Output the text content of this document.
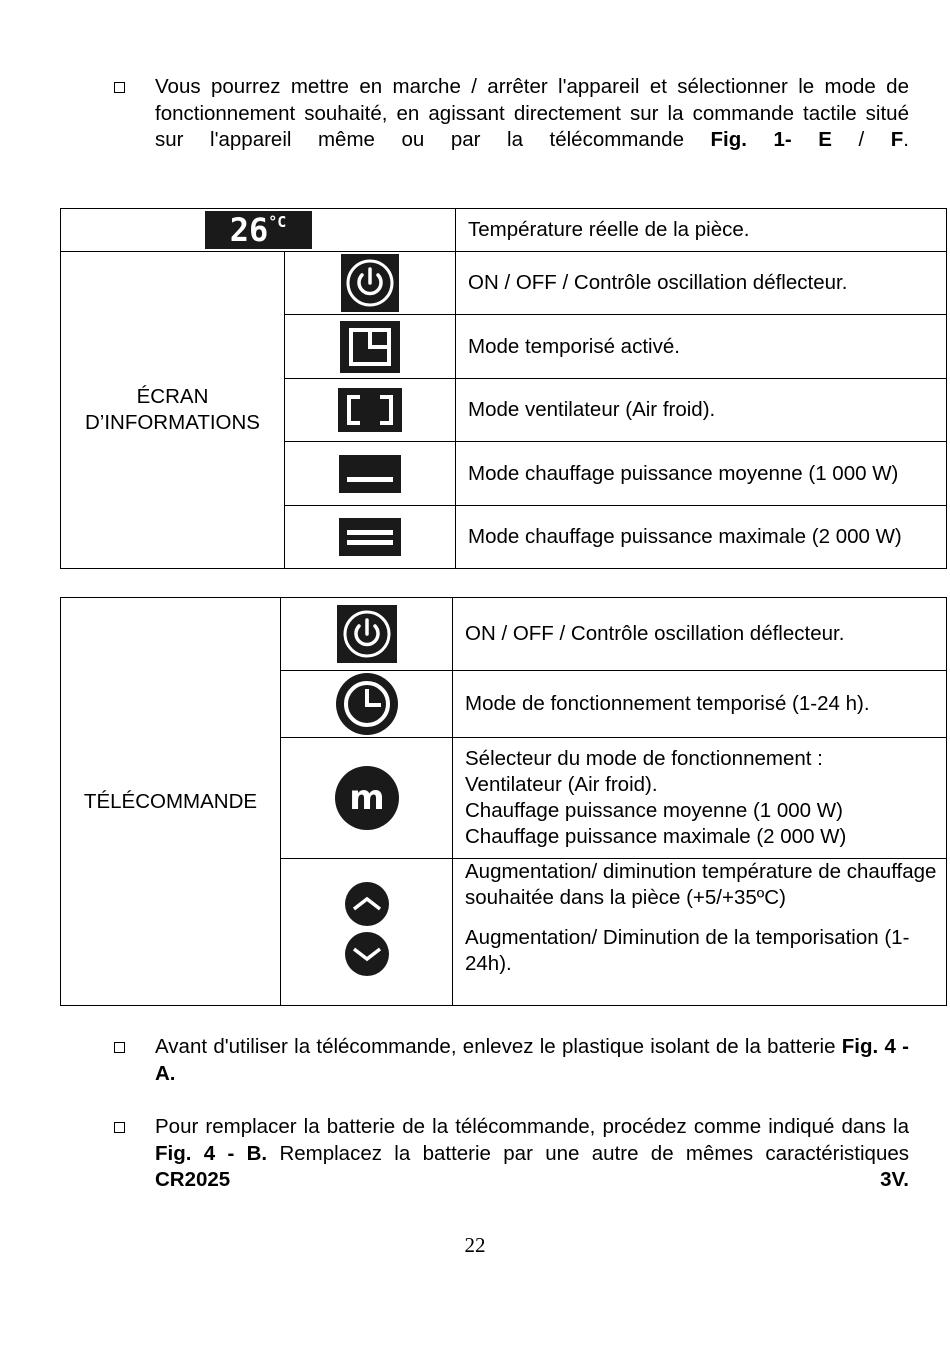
Vous pourrez mettre en marche / arrêter l'appareil et sélectionner le mode de fonctionnement souhaité, en agissant directement sur la commande tactile situé sur l'appareil même ou par la télécommande Fig. 1- E / F.
$26^{^\circ C}$		Température réelle de la pièce.
ÉCRAN D’INFORMATIONS		ON / OFF / Contrôle oscillation déflecteur.
	Mode temporisé activé.
	Mode ventilateur (Air froid).
	Mode chauffage puissance moyenne (1 000 W)
	Mode chauffage puissance maximale (2 000 W)
TÉLÉCOMMANDE		ON / OFF / Contrôle oscillation déflecteur.
	Mode de fonctionnement temporisé (1-24 h).

m	Sélecteur du mode de fonctionnement :
Ventilateur (Air froid).
Chauffage puissance moyenne (1 000 W)
Chauffage puissance maximale (2 000 W)

Augmentation/ diminution température de chauffage souhaitée dans la pièce (+5/+35ºC)
Augmentation/ Diminution de la temporisation (1-24h).
Avant d'utiliser la télécommande, enlevez le plastique isolant de la batterie Fig. 4 - A.
Pour remplacer la batterie de la télécommande, procédez comme indiqué dans la Fig. 4 - B. Remplacez la batterie par une autre de mêmes caractéristiques CR2025 3V.
22
